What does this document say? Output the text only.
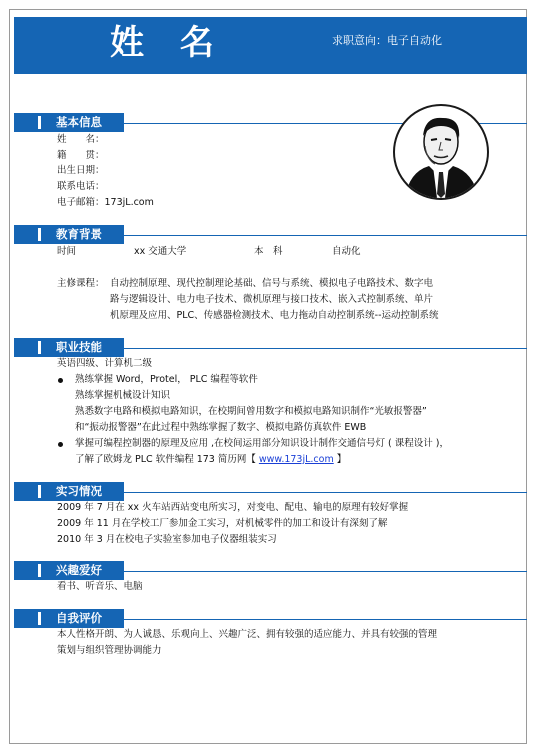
姓 名	求职意向：电子自动化
基本信息
姓　　名：
籍　　贯：
出生日期：
联系电话：
电子邮箱：173jL.com
教育背景
时间	xx 交通大学	本　科	自动化
主修课程： 自动控制原理、现代控制理论基础、信号与系统、模拟电子电路技术、数字电
路与逻辑设计、电力电子技术、微机原理与接口技术、嵌入式控制系统、单片
机原理及应用、PLC、传感器检测技术、电力拖动自动控制系统--运动控制系统
职业技能
英语四级、计算机二级
熟练掌握 Word，Protel， PLC 编程等软件
熟练掌握机械设计知识
熟悉数字电路和模拟电路知识，在校期间曾用数字和模拟电路知识制作“光敏报警器”
和“振动报警器”在此过程中熟练掌握了数字、模拟电路仿真软件 EWB
掌握可编程控制器的原理及应用 ,在校间运用部分知识设计制作交通信号灯 ( 课程设计 )，
了解了欧姆龙 PLC 软件编程 173 简历网【 www.173jL.com 】
实习情况
2009 年 7 月在 xx 火车站西站变电所实习，对变电、配电、输电的原理有较好掌握
2009 年 11 月在学校工厂参加金工实习，对机械零件的加工和设计有深刻了解
2010 年 3 月在校电子实验室参加电子仪器组装实习
兴趣爱好
看书、听音乐、电脑
自我评价
本人性格开朗、为人诚恳、乐观向上、兴趣广泛、拥有较强的适应能力、并具有较强的管理
策划与组织管理协调能力
